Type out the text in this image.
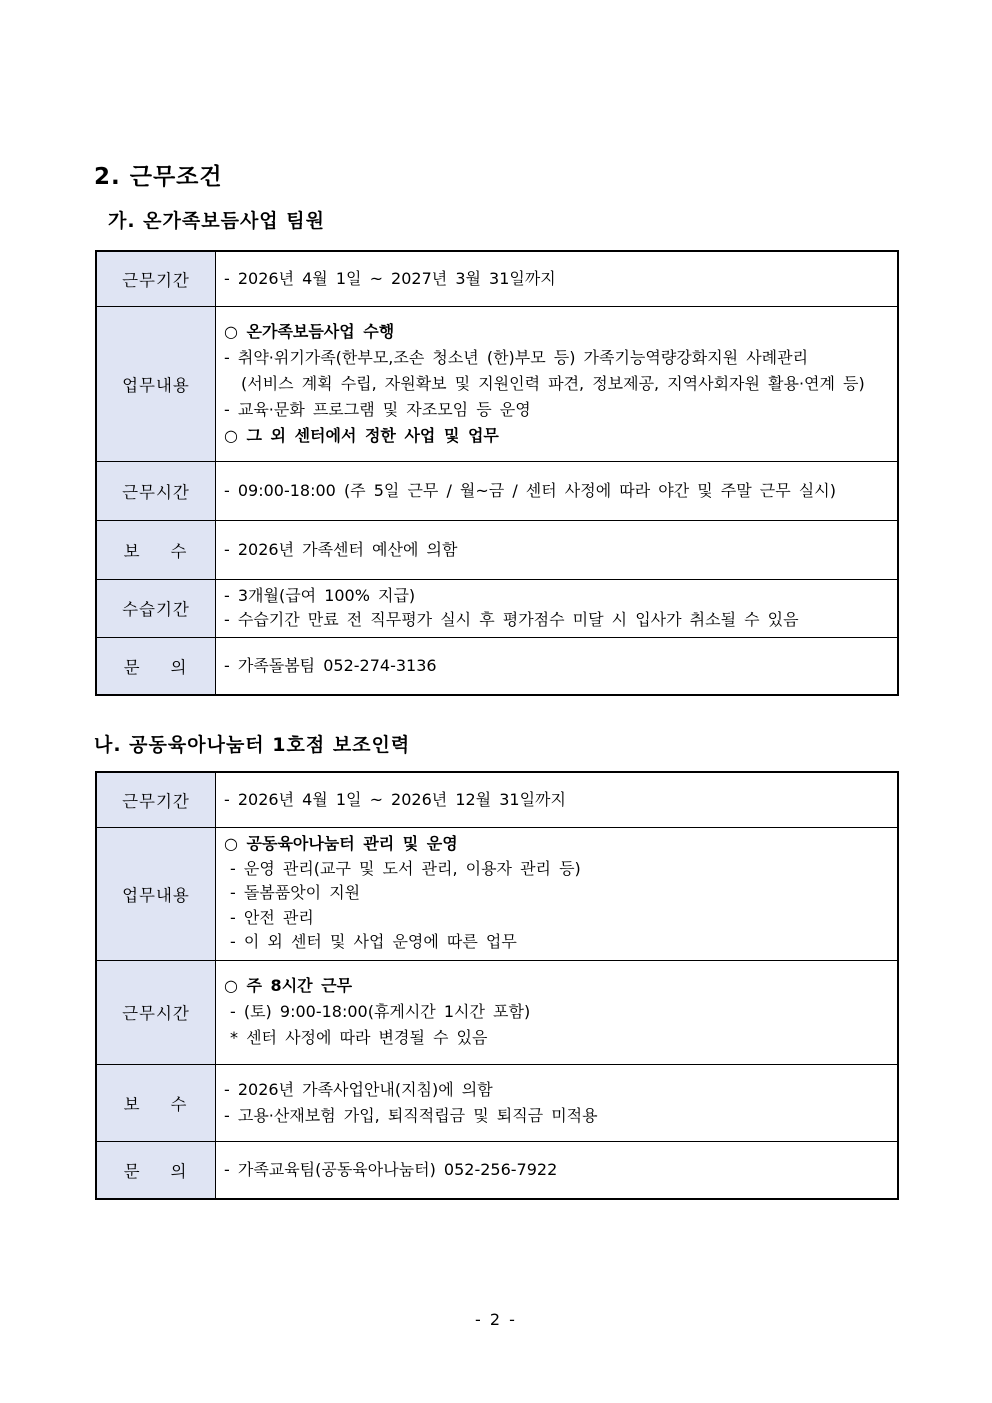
2. 근무조건
가. 온가족보듬사업 팀원
근무기간	- 2026년 4월 1일 ~ 2027년 3월 31일까지

업무내용	○ 온가족보듬사업 수행
- 취약·위기가족(한부모,조손 청소년 (한)부모 등) 가족기능역량강화지원 사례관리
(서비스 계획 수립, 자원확보 및 지원인력 파견, 정보제공, 지역사회자원 활용·연계 등)
- 교육·문화 프로그램 및 자조모임 등 운영
○ 그 외 센터에서 정한 사업 및 업무

근무시간	- 09:00-18:00 (주 5일 근무 / 월~금 / 센터 사정에 따라 야간 및 주말 근무 실시)

보    수	- 2026년 가족센터 예산에 의함

수습기간	- 3개월(급여 100% 지급)
- 수습기간 만료 전 직무평가 실시 후 평가점수 미달 시 입사가 취소될 수 있음

문    의	- 가족돌봄팀 052-274-3136
나. 공동육아나눔터 1호점 보조인력
근무기간	- 2026년 4월 1일 ~ 2026년 12월 31일까지

업무내용	○ 공동육아나눔터 관리 및 운영
- 운영 관리(교구 및 도서 관리, 이용자 관리 등)
- 돌봄품앗이 지원
- 안전 관리
- 이 외 센터 및 사업 운영에 따른 업무

근무시간	○ 주 8시간 근무
- (토) 9:00-18:00(휴게시간 1시간 포함)
* 센터 사정에 따라 변경될 수 있음

보    수	- 2026년 가족사업안내(지침)에 의함
- 고용·산재보험 가입, 퇴직적립금 및 퇴직금 미적용

문    의	- 가족교육팀(공동육아나눔터) 052-256-7922
- 2 -
